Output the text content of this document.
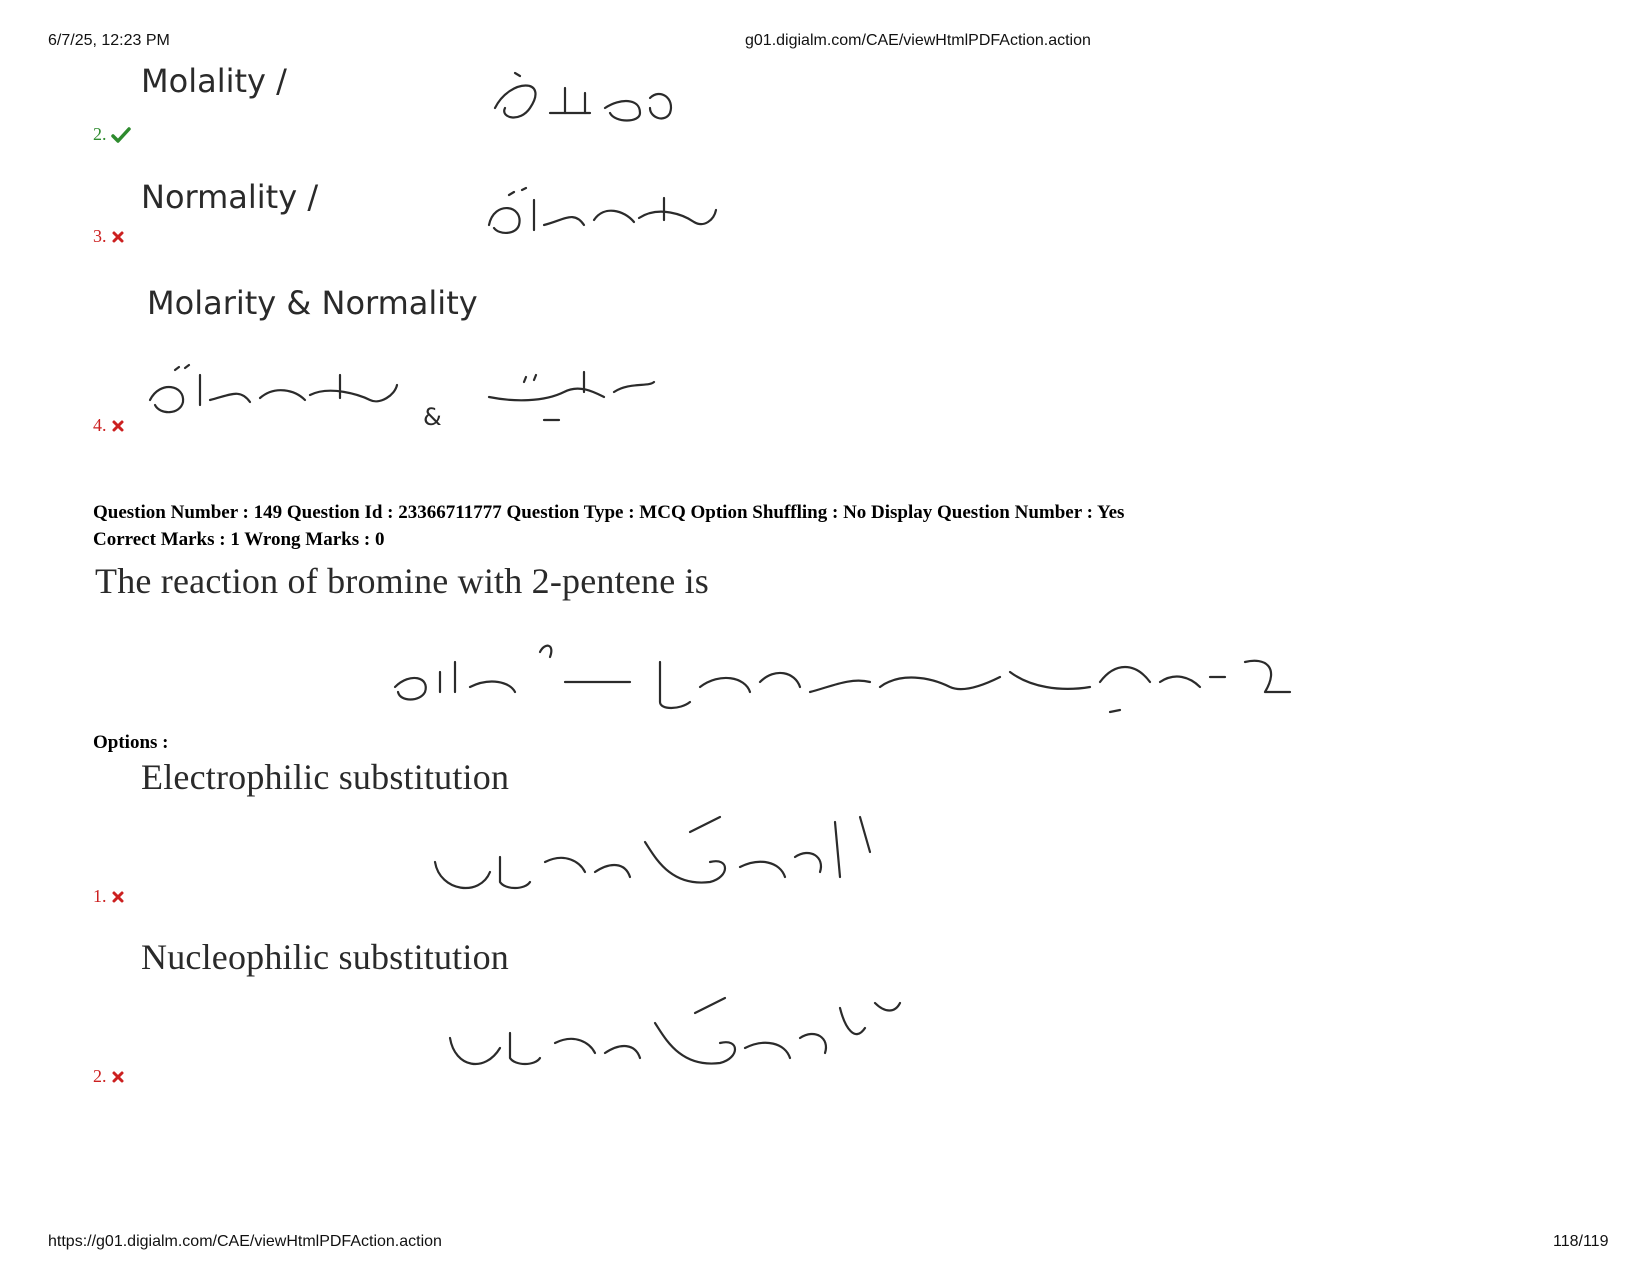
6/7/25, 12:23 PM	g01.digialm.com/CAE/viewHtmlPDFAction.action
Molality /
2.
Normality /
3.
Molarity & Normality
&
4.
Question Number : 149 Question Id : 23366711777 Question Type : MCQ Option Shuffling : No Display Question Number : Yes
Correct Marks : 1 Wrong Marks : 0
The reaction of bromine with 2-pentene is
Options :
Electrophilic substitution
1.
Nucleophilic substitution
2.
https://g01.digialm.com/CAE/viewHtmlPDFAction.action	118/119
